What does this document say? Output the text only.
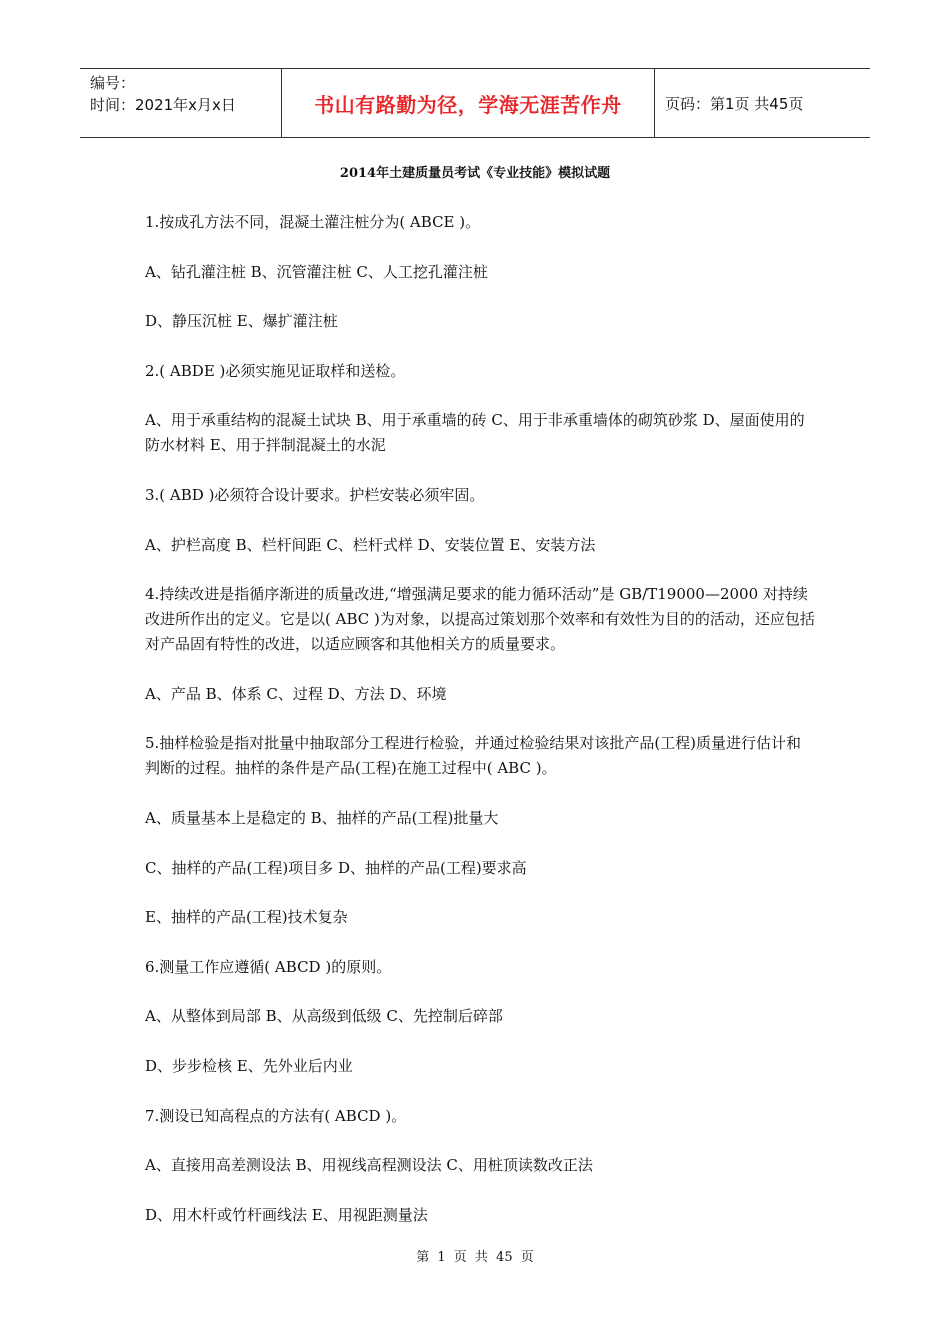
编号：
时间：2021年x月x日	书山有路勤为径，学海无涯苦作舟	页码：第1页 共45页
2014年土建质量员考试《专业技能》模拟试题

1.按成孔方法不同，混凝土灌注桩分为( ABCE )。

A、钻孔灌注桩 B、沉管灌注桩 C、人工挖孔灌注桩

D、静压沉桩 E、爆扩灌注桩

2.( ABDE )必须实施见证取样和送检。

A、用于承重结构的混凝土试块 B、用于承重墙的砖 C、用于非承重墙体的砌筑砂浆 D、屋面使用的防水材料 E、用于拌制混凝土的水泥

3.( ABD )必须符合设计要求。护栏安装必须牢固。

A、护栏高度 B、栏杆间距 C、栏杆式样 D、安装位置 E、安装方法

4.持续改进是指循序渐进的质量改进,“增强满足要求的能力循环活动”是 GB/T19000—2000 对持续改进所作出的定义。它是以( ABC )为对象，以提高过策划那个效率和有效性为目的的活动，还应包括对产品固有特性的改进，以适应顾客和其他相关方的质量要求。

A、产品 B、体系 C、过程 D、方法 D、环境

5.抽样检验是指对批量中抽取部分工程进行检验，并通过检验结果对该批产品(工程)质量进行估计和判断的过程。抽样的条件是产品(工程)在施工过程中( ABC )。

A、质量基本上是稳定的 B、抽样的产品(工程)批量大

C、抽样的产品(工程)项目多 D、抽样的产品(工程)要求高

E、抽样的产品(工程)技术复杂

6.测量工作应遵循( ABCD )的原则。

A、从整体到局部 B、从高级到低级 C、先控制后碎部

D、步步检核 E、先外业后内业

7.测设已知高程点的方法有( ABCD )。

A、直接用高差测设法 B、用视线高程测设法 C、用桩顶读数改正法

D、用木杆或竹杆画线法 E、用视距测量法

第 1 页 共 45 页
